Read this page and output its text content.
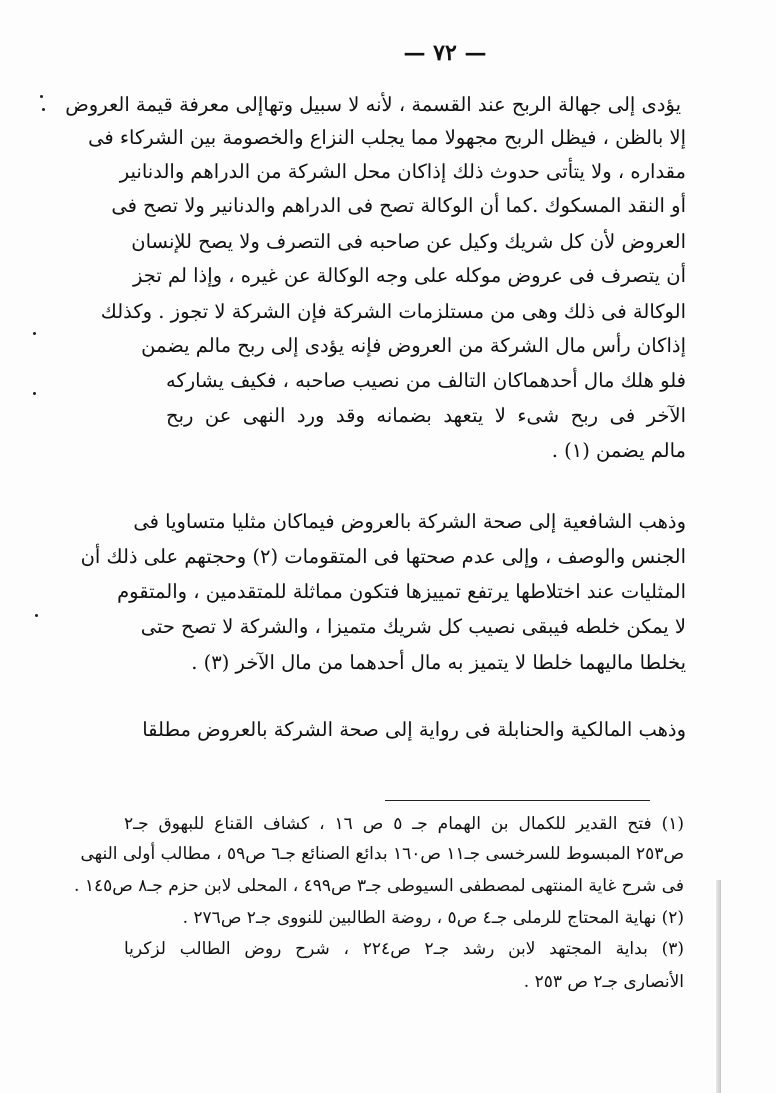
— ٧٢ —
يؤدى إلى جهالة الربح عند القسمة ، لأنه لا سبيل وتهاإلى معرفة قيمة العروض
إلا بالظن ، فيظل الربح مجهولا مما يجلب النزاع والخصومة بين الشركاء فى
مقداره ، ولا يتأتى حدوث ذلك إذاكان محل الشركة من الدراهم والدنانير
أو النقد المسكوك .كما أن الوكالة تصح فى الدراهم والدنانير ولا تصح فى
العروض لأن كل شريك وكيل عن صاحبه فى التصرف ولا يصح للإنسان
أن يتصرف فى عروض موكله على وجه الوكالة عن غيره ، وإذا لم تجز
الوكالة فى ذلك وهى من مستلزمات الشركة فإن الشركة لا تجوز . وكذلك
إذاكان رأس مال الشركة من العروض فإنه يؤدى إلى ربح مالم يضمن
فلو هلك مال أحدهماكان التالف من نصيب صاحبه ، فكيف يشاركه
الآخر فى ربح شىء لا يتعهد بضمانه وقد ورد النهى عن ربح
مالم يضمن (١) .
وذهب الشافعية إلى صحة الشركة بالعروض فيماكان مثليا متساويا فى
الجنس والوصف ، وإلى عدم صحتها فى المتقومات (٢) وحجتهم على ذلك أن
المثليات عند اختلاطها يرتفع تمييزها فتكون مماثلة للمتقدمين ، والمتقوم
لا يمكن خلطه فيبقى نصيب كل شريك متميزا ، والشركة لا تصح حتى
يخلطا ماليهما خلطا لا يتميز به مال أحدهما من مال الآخر (٣) .
وذهب المالكية والحنابلة فى رواية إلى صحة الشركة بالعروض مطلقا
(١) فتح القدير للكمال بن الهمام جـ ٥ ص ١٦ ، كشاف القناع للبهوق جـ٢
ص٢٥٣ المبسوط للسرخسى جـ١١ ص١٦٠ بدائع الصنائع جـ٦ ص٥٩ ، مطالب أولى النهى
فى شرح غاية المنتهى لمصطفى السيوطى جـ٣ ص٤٩٩ ، المحلى لابن حزم جـ٨ ص١٤٥ .
(٢) نهاية المحتاج للرملى جـ٤ ص٥ ، روضة الطالبين للنووى جـ٢ ص٢٧٦ .
(٣) بداية المجتهد لابن رشد جـ٢ ص٢٢٤ ، شرح روض الطالب لزكريا
الأنصارى جـ٢ ص ٢٥٣ .
